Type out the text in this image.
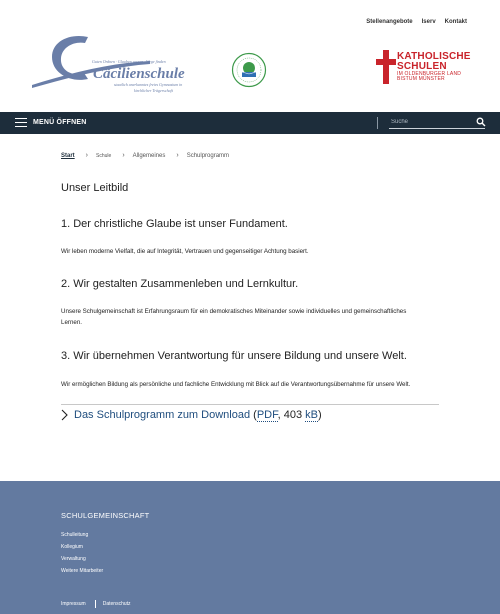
Stellenangebote Iserv Kontakt
Cäcilienschule
Guten Ordnen · Glauben wagen · Wege finden
staatlich anerkanntes freies Gymnasium in
kirchlicher Trägerschaft
KATHOLISCHE
SCHULEN
IM OLDENBURGER LAND
BISTUM MÜNSTER
MENÜ ÖFFNEN
Suche
Start › Schule › Allgemeines › Schulprogramm
Unser Leitbild
1. Der christliche Glaube ist unser Fundament.

Wir leben moderne Vielfalt, die auf Integrität, Vertrauen und gegenseitiger Achtung basiert.

2. Wir gestalten Zusammenleben und Lernkultur.

Unsere Schulgemeinschaft ist Erfahrungsraum für ein demokratisches Miteinander sowie individuelles und gemeinschaftliches Lernen.

3. Wir übernehmen Verantwortung für unsere Bildung und unsere Welt.

Wir ermöglichen Bildung als persönliche und fachliche Entwicklung mit Blick auf die Verantwortungsübernahme für unsere Welt.

Das Schulprogramm zum Download (PDF, 403 kB)
SCHULGEMEINSCHAFT
Schulleitung
Kollegium
Verwaltung
Weitere Mitarbeiter
Impressum	Datenschutz
